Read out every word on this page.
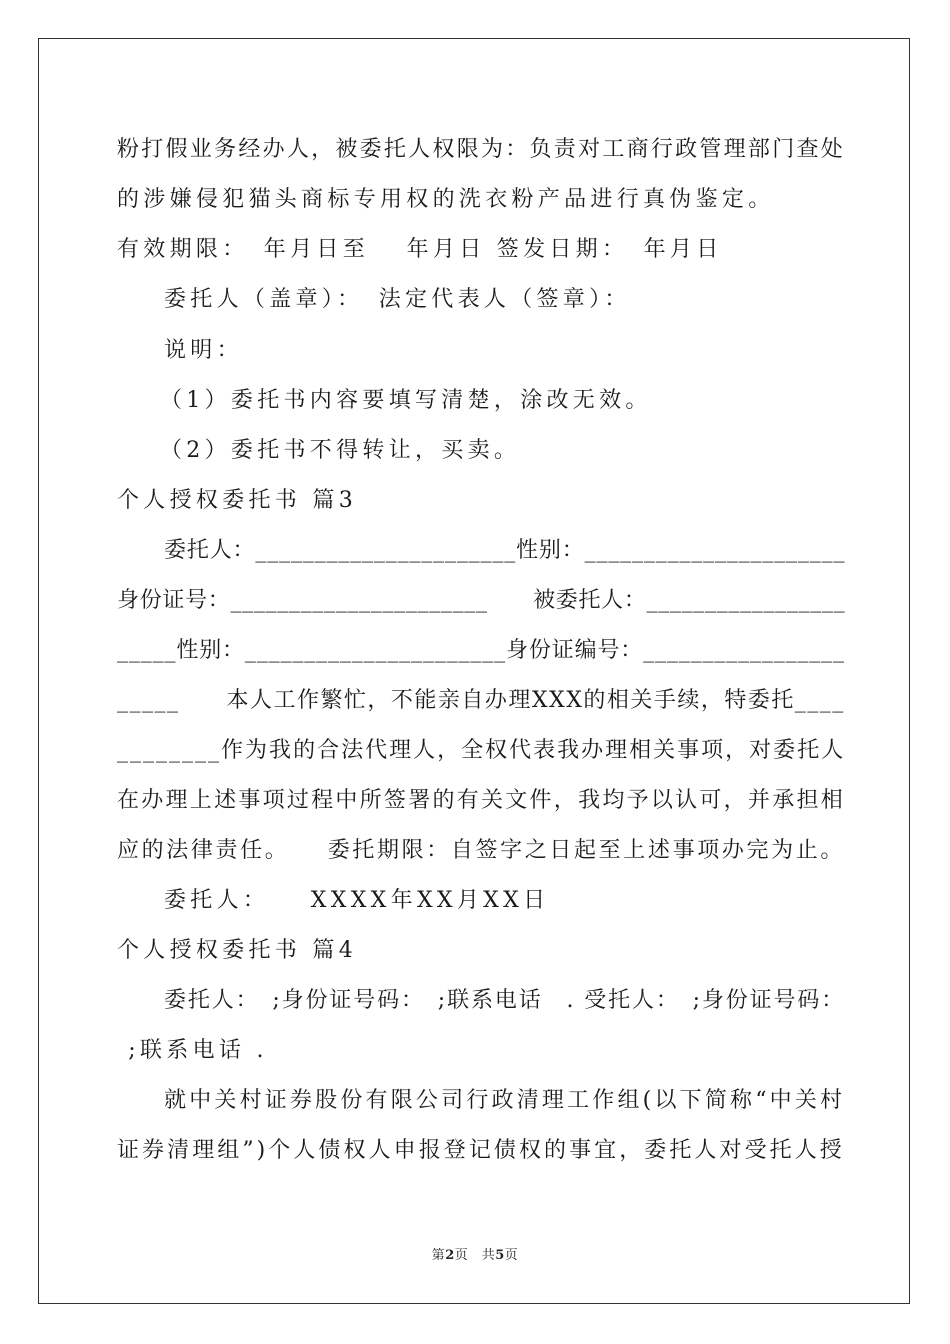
粉打假业务经办人，被委托人权限为：负责对工商行政管理部门查处
的涉嫌侵犯猫头商标专用权的洗衣粉产品进行真伪鉴定。
有效期限：　年月日至　 年月日 签发日期：　年月日
委托人（盖章）：　法定代表人（签章）：
说明：
（1）委托书内容要填写清楚，涂改无效。
（2）委托书不得转让，买卖。
个人授权委托书 篇3
委托人：______________________性别：______________________
身份证号：______________________　　被委托人：_________________
_____性别：______________________身份证编号：_________________
_____　　本人工作繁忙，不能亲自办理XXX的相关手续，特委托____
________作为我的合法代理人，全权代表我办理相关事项，对委托人
在办理上述事项过程中所签署的有关文件，我均予以认可，并承担相
应的法律责任。　　委托期限：自签字之日起至上述事项办完为止。
委托人：　　XXXX年XX月XX日
个人授权委托书 篇4
委托人：　;身份证号码：　;联系电话　. 受托人：　;身份证号码：
;联系电话 .
就中关村证券股份有限公司行政清理工作组(以下简称“中关村
证券清理组”)个人债权人申报登记债权的事宜，委托人对受托人授
第2页　共5页
